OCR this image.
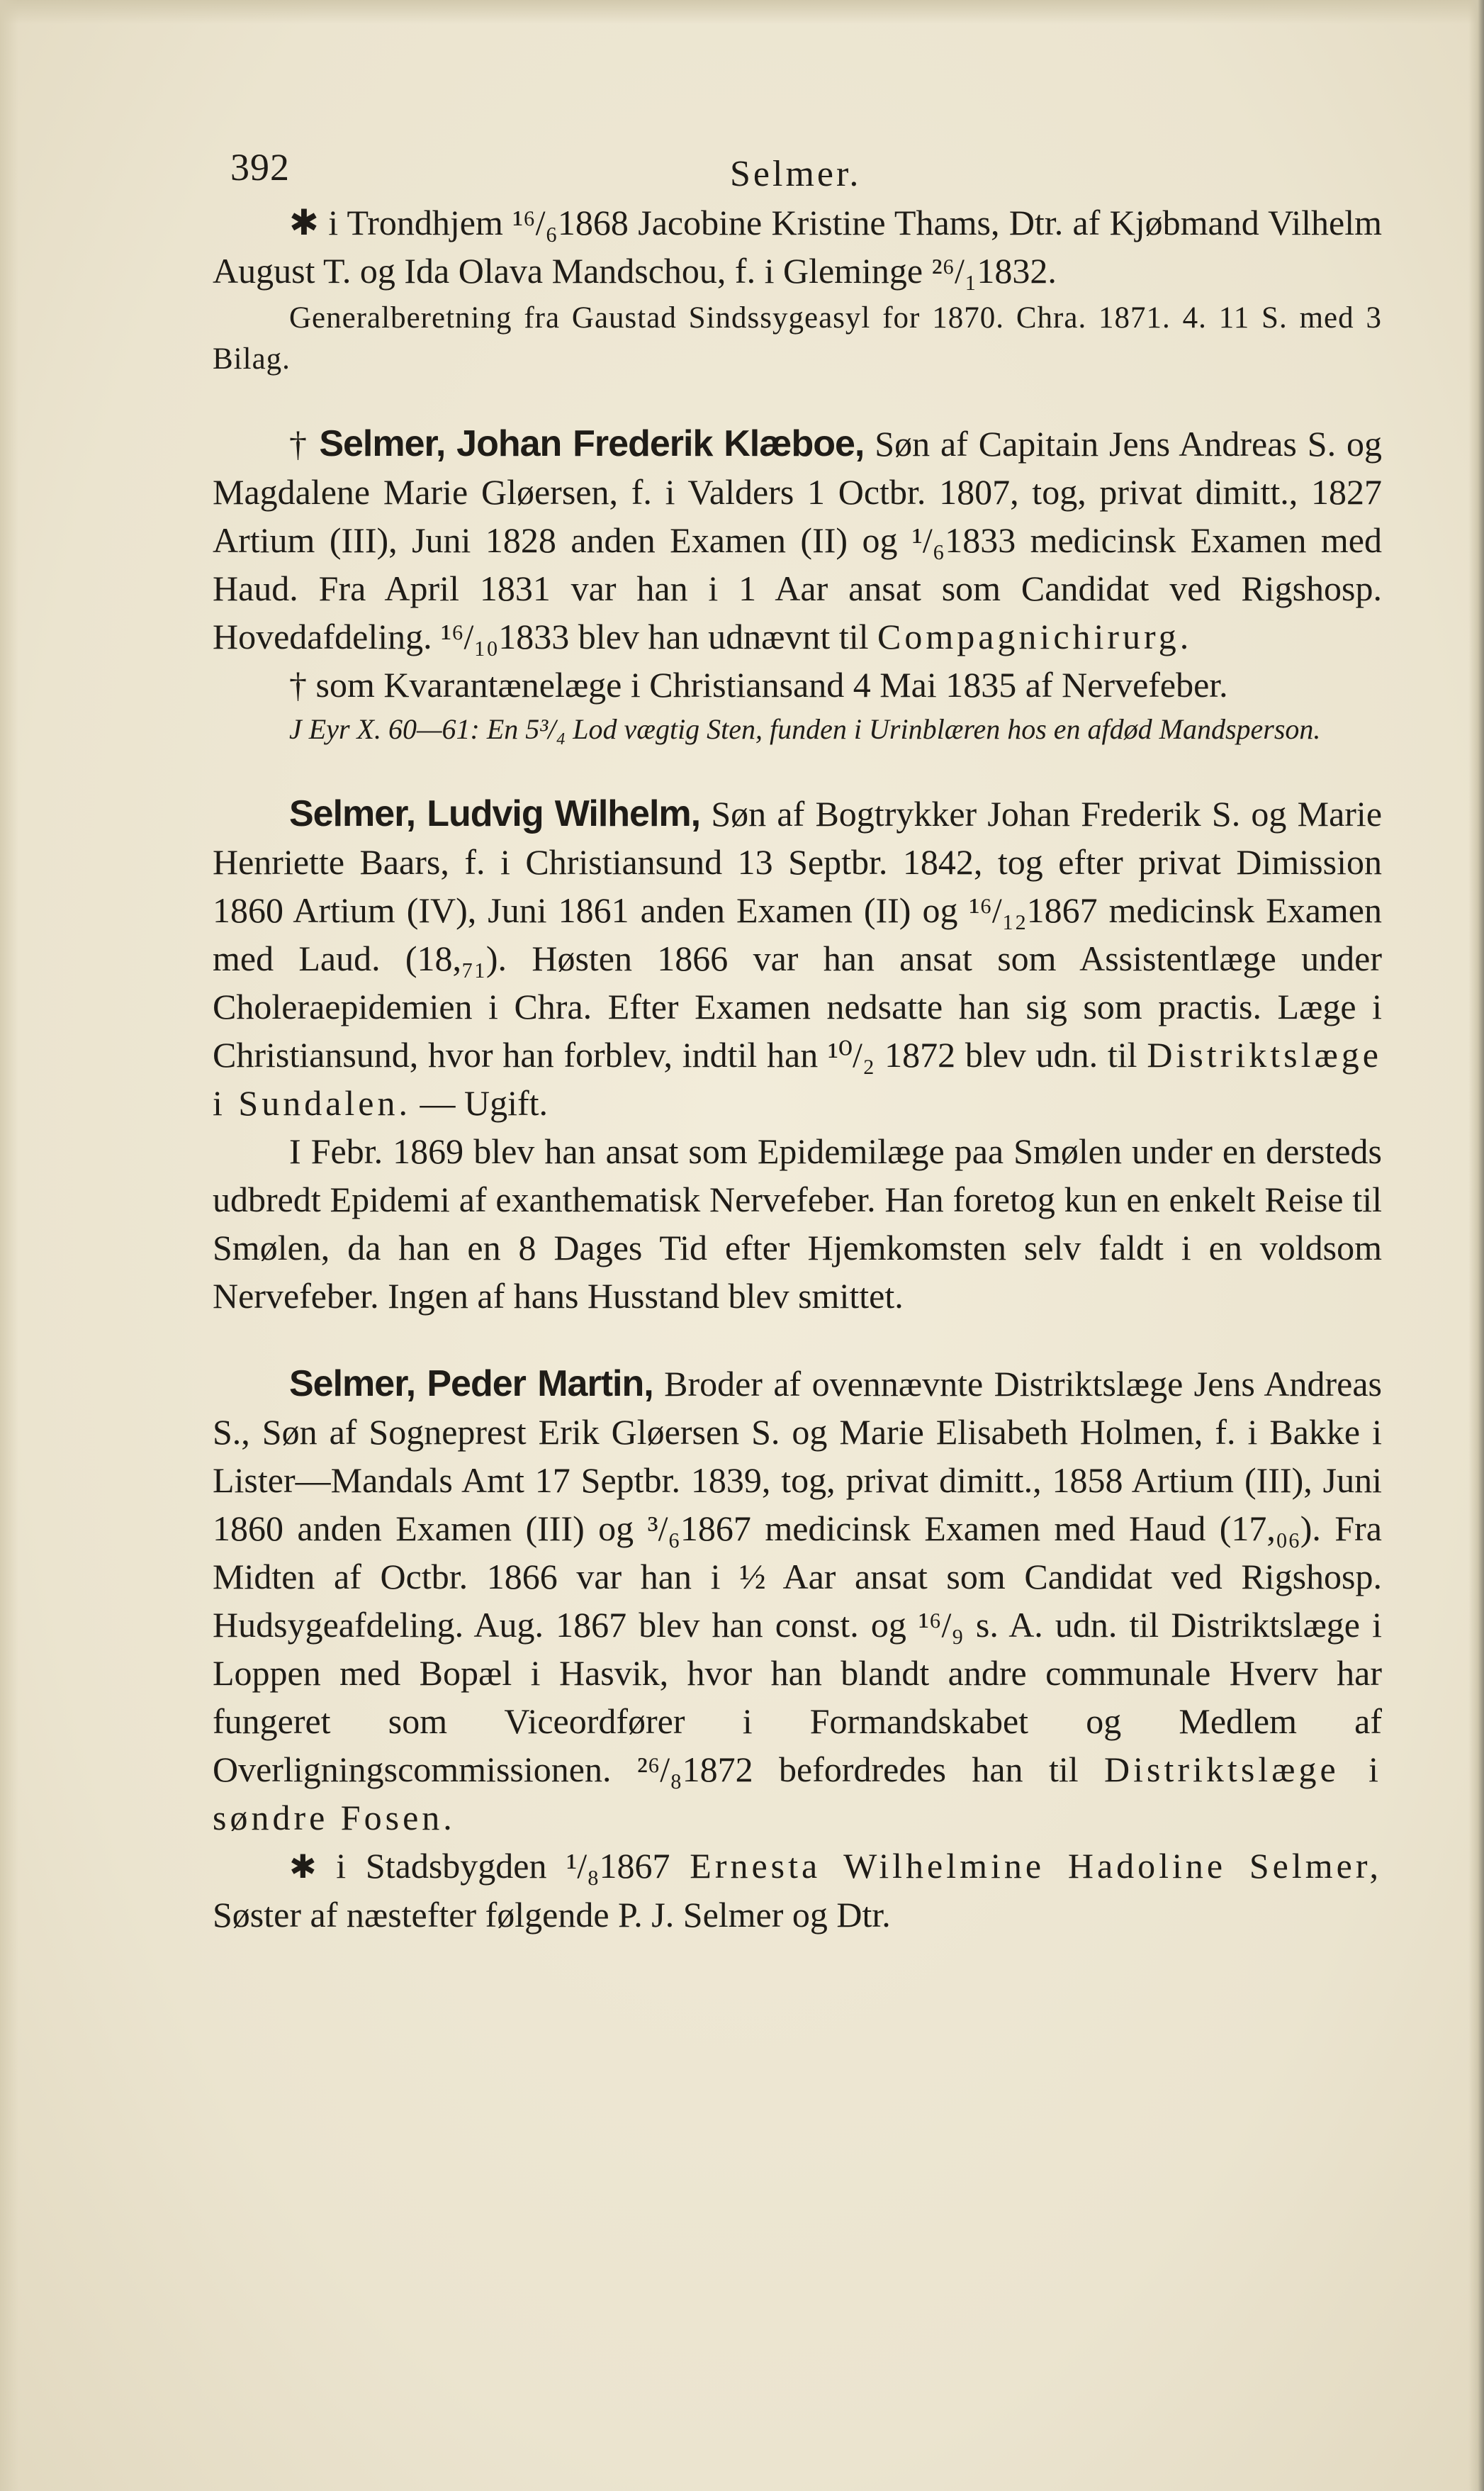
392	Selmer.

✱ i Trondhjem ¹⁶/₆1868 Jacobine Kristine Thams, Dtr. af Kjøbmand Vilhelm August T. og Ida Olava Mandschou, f. i Gleminge ²⁶/₁1832.

Generalberetning fra Gaustad Sindssygeasyl for 1870. Chra. 1871. 4. 11 S. med 3 Bilag.

† Selmer, Johan Frederik Klæboe, Søn af Capitain Jens Andreas S. og Magdalene Marie Gløersen, f. i Valders 1 Octbr. 1807, tog, privat dimitt., 1827 Artium (III), Juni 1828 anden Examen (II) og ¹/₆1833 medicinsk Examen med Haud. Fra April 1831 var han i 1 Aar ansat som Candidat ved Rigshosp. Hovedafdeling. ¹⁶/₁₀1833 blev han udnævnt til Compagnichirurg.

† som Kvarantænelæge i Christiansand 4 Mai 1835 af Nervefeber.

J Eyr X. 60—61: En 5³/₄ Lod vægtig Sten, funden i Urinblæren hos en afdød Mandsperson.

Selmer, Ludvig Wilhelm, Søn af Bogtrykker Johan Frederik S. og Marie Henriette Baars, f. i Christiansund 13 Septbr. 1842, tog efter privat Dimission 1860 Artium (IV), Juni 1861 anden Examen (II) og ¹⁶/₁₂1867 medicinsk Examen med Laud. (18,₇₁). Høsten 1866 var han ansat som Assistentlæge under Choleraepidemien i Chra. Efter Examen nedsatte han sig som practis. Læge i Christiansund, hvor han forblev, indtil han ¹⁰/₂ 1872 blev udn. til Distriktslæge i Sundalen. — Ugift.

I Febr. 1869 blev han ansat som Epidemilæge paa Smølen under en dersteds udbredt Epidemi af exanthematisk Nervefeber. Han foretog kun en enkelt Reise til Smølen, da han en 8 Dages Tid efter Hjemkomsten selv faldt i en voldsom Nervefeber. Ingen af hans Husstand blev smittet.

Selmer, Peder Martin, Broder af ovennævnte Distriktslæge Jens Andreas S., Søn af Sogneprest Erik Gløersen S. og Marie Elisabeth Holmen, f. i Bakke i Lister—Mandals Amt 17 Septbr. 1839, tog, privat dimitt., 1858 Artium (III), Juni 1860 anden Examen (III) og ³/₆1867 medicinsk Examen med Haud (17,₀₆). Fra Midten af Octbr. 1866 var han i ½ Aar ansat som Candidat ved Rigshosp. Hudsygeafdeling. Aug. 1867 blev han const. og ¹⁶/₉ s. A. udn. til Distriktslæge i Loppen med Bopæl i Hasvik, hvor han blandt andre communale Hverv har fungeret som Viceordfører i Formandskabet og Medlem af Overligningscommissionen. ²⁶/₈1872 befordredes han til Distriktslæge i søndre Fosen.

✱ i Stadsbygden ¹/₈1867 Ernesta Wilhelmine Hadoline Selmer, Søster af næstefter følgende P. J. Selmer og Dtr.
